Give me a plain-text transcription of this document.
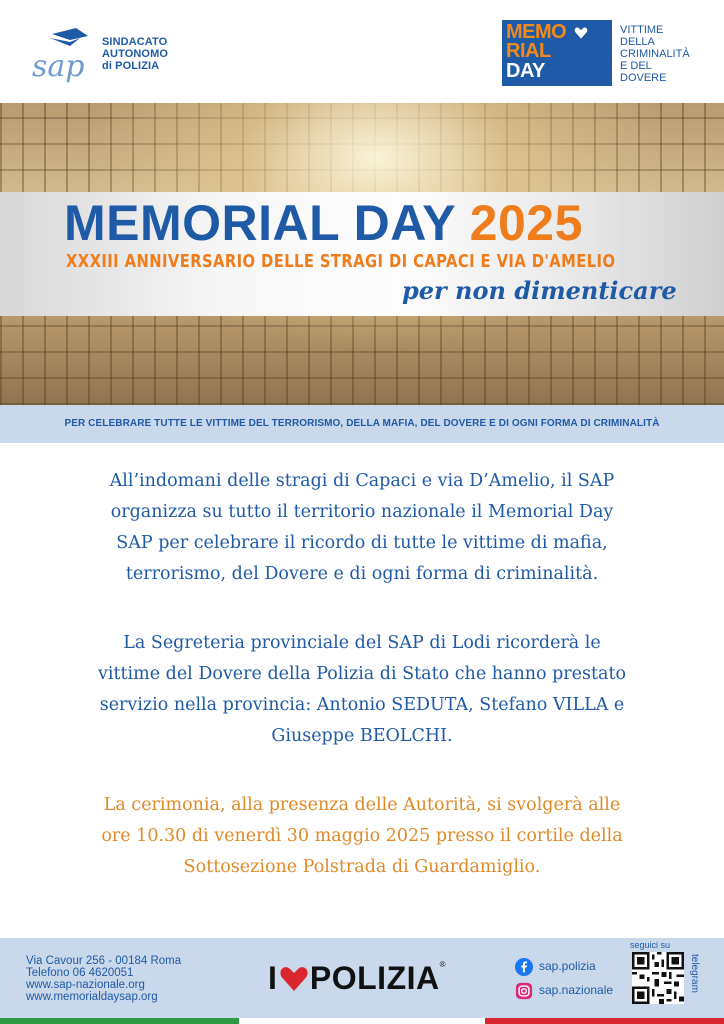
sap
SINDACATO
AUTONOMO
di POLIZIA
MEMO
RIAL
DAY
VITTIME
DELLA
CRIMINALITÀ
E DEL
DOVERE
MEMORIAL DAY 2025
XXXIII ANNIVERSARIO DELLE STRAGI DI CAPACI E VIA D'AMELIO
per non dimenticare
PER CELEBRARE TUTTE LE VITTIME DEL TERRORISMO, DELLA MAFIA, DEL DOVERE E DI OGNI FORMA DI CRIMINALITÀ
All’indomani delle stragi di Capaci e via D’Amelio, il SAP
organizza su tutto il territorio nazionale il Memorial Day
SAP per celebrare il ricordo di tutte le vittime di mafia,
terrorismo, del Dovere e di ogni forma di criminalità.
La Segreteria provinciale del SAP di Lodi ricorderà le
vittime del Dovere della Polizia di Stato che hanno prestato
servizio nella provincia: Antonio SEDUTA, Stefano VILLA e
Giuseppe BEOLCHI.
La cerimonia, alla presenza delle Autorità, si svolgerà alle
ore 10.30 di venerdì 30 maggio 2025 presso il cortile della
Sottosezione Polstrada di Guardamiglio.
Via Cavour 256 - 00184 Roma
Telefono 06 4620051
www.sap-nazionale.org
www.memorialdaysap.org
I POLIZIA®	sap.polizia
sap.nazionale
seguici su
telegram
